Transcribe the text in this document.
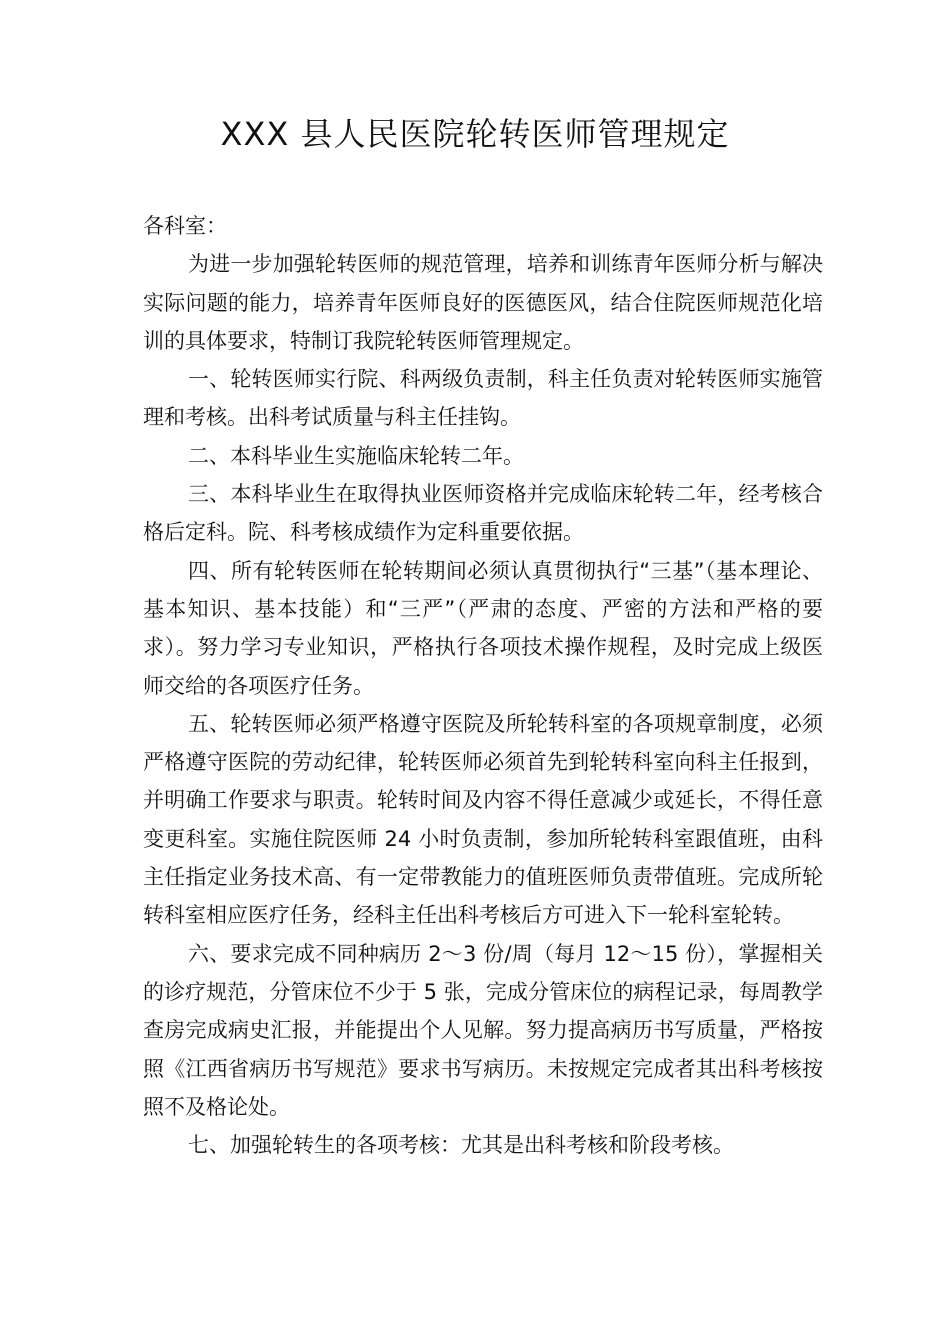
XXX 县人民医院轮转医师管理规定

各科室：

为进一步加强轮转医师的规范管理，培养和训练青年医师分析与解决实际问题的能力，培养青年医师良好的医德医风，结合住院医师规范化培训的具体要求，特制订我院轮转医师管理规定。

一、轮转医师实行院、科两级负责制，科主任负责对轮转医师实施管理和考核。出科考试质量与科主任挂钩。

二、本科毕业生实施临床轮转二年。

三、本科毕业生在取得执业医师资格并完成临床轮转二年，经考核合格后定科。院、科考核成绩作为定科重要依据。

四、所有轮转医师在轮转期间必须认真贯彻执行“三基”（基本理论、基本知识、基本技能）和“三严”（严肃的态度、严密的方法和严格的要求）。努力学习专业知识，严格执行各项技术操作规程，及时完成上级医师交给的各项医疗任务。

五、轮转医师必须严格遵守医院及所轮转科室的各项规章制度，必须严格遵守医院的劳动纪律，轮转医师必须首先到轮转科室向科主任报到，并明确工作要求与职责。轮转时间及内容不得任意减少或延长，不得任意变更科室。实施住院医师 24 小时负责制，参加所轮转科室跟值班，由科主任指定业务技术高、有一定带教能力的值班医师负责带值班。完成所轮转科室相应医疗任务，经科主任出科考核后方可进入下一轮科室轮转。

六、要求完成不同种病历 2～3 份/周（每月 12～15 份），掌握相关的诊疗规范，分管床位不少于 5 张，完成分管床位的病程记录，每周教学查房完成病史汇报，并能提出个人见解。努力提高病历书写质量，严格按照《江西省病历书写规范》要求书写病历。未按规定完成者其出科考核按照不及格论处。

七、加强轮转生的各项考核：尤其是出科考核和阶段考核。
